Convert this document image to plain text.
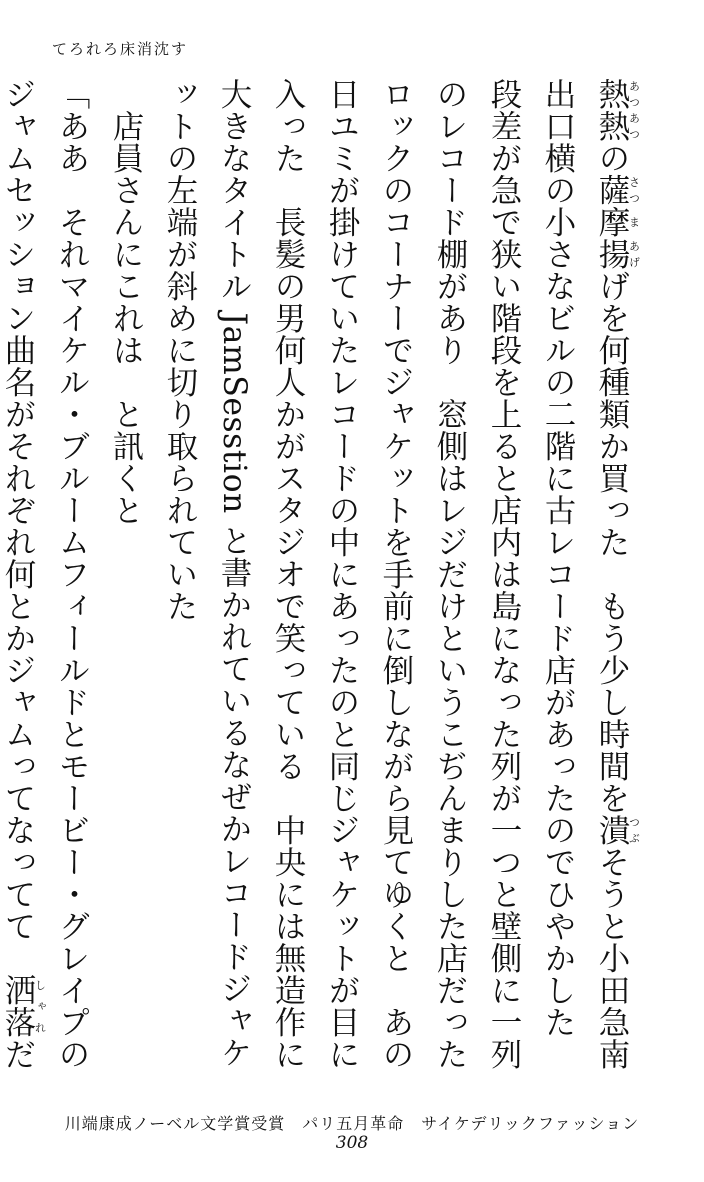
てろれろ床消沈す

熱あつ熱あつの薩さつ摩ま揚あげげを何種類か買った　もう少し時間を潰つぶそうと小田急南出口横の小さなビルの二階に古レコード店があったのでひやかした　段差が急で狭い階段を上ると店内は島になった列が一つと壁側に一列のレコード棚があり　窓側はレジだけというこぢんまりした店だった　ロックのコーナーでジャケットを手前に倒しながら見てゆくと　あの日ユミが掛けていたレコードの中にあったのと同じジャケットが目に入った　長髪の男何人かがスタジオで笑っている　中央には無造作に大きなタイトル JamSesstion と書かれているなぜかレコードジャケットの左端が斜めに切り取られていた

　店員さんにこれは　と訊くと

「ああ　それマイケル・ブルームフィールドとモービー・グレイプのジャムセッション曲名がそれぞれ何とかジャムってなってて　洒落しゃれだ

川端康成ノーベル文学賞受賞　パリ五月革命　サイケデリックファッション
308
